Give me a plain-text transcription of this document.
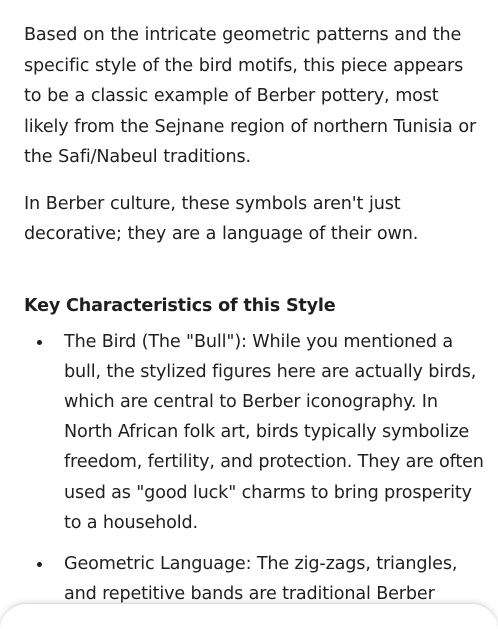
Based on the intricate geometric patterns and the specific style of the bird motifs, this piece appears to be a classic example of Berber pottery, most likely from the Sejnane region of northern Tunisia or the Safi/Nabeul traditions.

In Berber culture, these symbols aren't just decorative; they are a language of their own.

Key Characteristics of this Style
The Bird (The "Bull"): While you mentioned a bull, the stylized figures here are actually birds, which are central to Berber iconography. In North African folk art, birds typically symbolize freedom, fertility, and protection. They are often used as "good luck" charms to bring prosperity to a household.
Geometric Language: The zig-zags, triangles, and repetitive bands are traditional Berber
